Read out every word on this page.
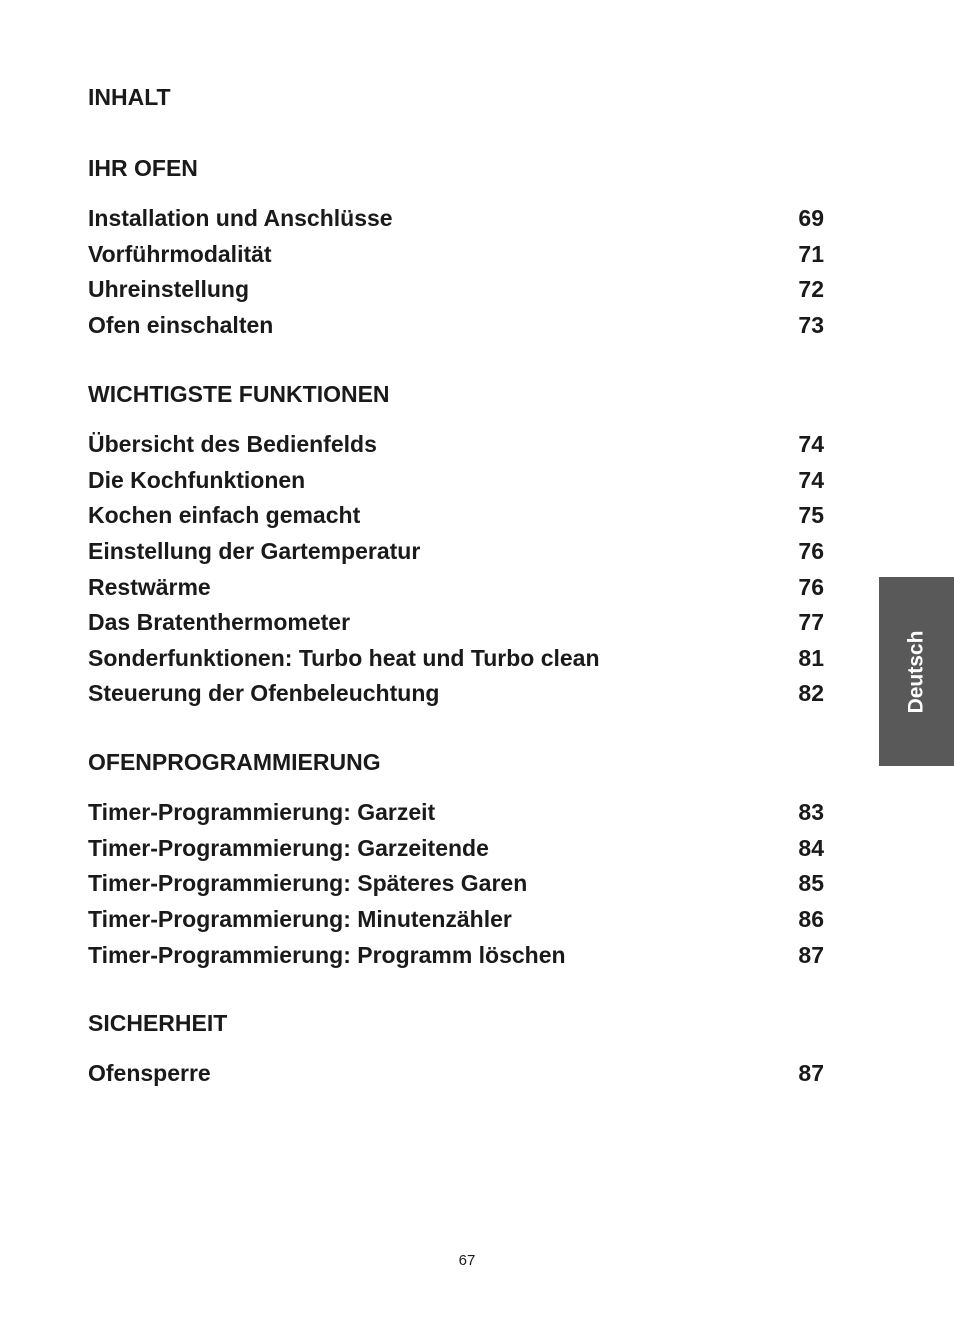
INHALT
IHR OFEN
Installation und Anschlüsse	69
Vorführmodalität	71
Uhreinstellung	72
Ofen einschalten	73
WICHTIGSTE FUNKTIONEN
Übersicht des Bedienfelds	74
Die Kochfunktionen	74
Kochen einfach gemacht	75
Einstellung der Gartemperatur	76
Restwärme	76
Das Bratenthermometer	77
Sonderfunktionen: Turbo heat und Turbo clean	81
Steuerung der Ofenbeleuchtung	82
OFENPROGRAMMIERUNG
Timer-Programmierung: Garzeit	83
Timer-Programmierung: Garzeitende	84
Timer-Programmierung: Späteres Garen	85
Timer-Programmierung: Minutenzähler	86
Timer-Programmierung: Programm löschen	87
SICHERHEIT
Ofensperre	87
Deutsch
67
